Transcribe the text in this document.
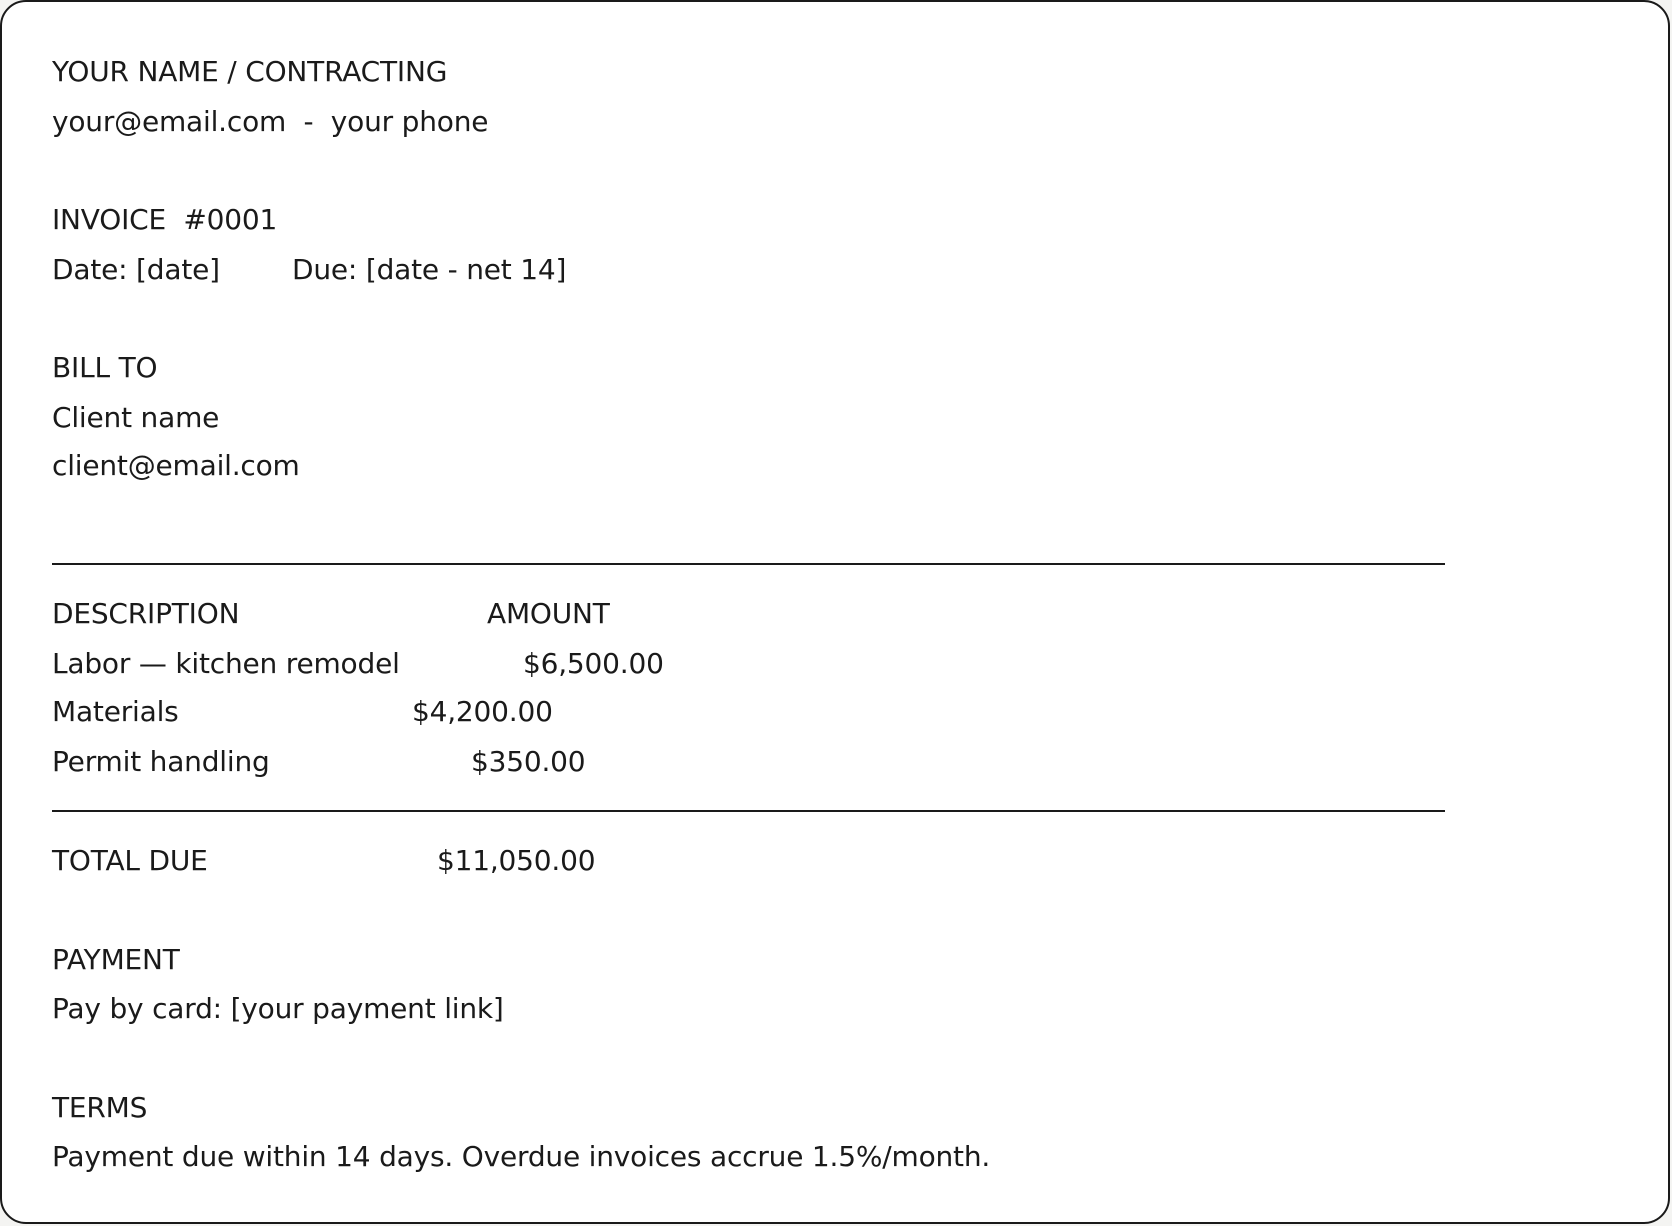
YOUR NAME / CONTRACTING
your@email.com  -  your phone
INVOICE  #0001
Date: [date]	Due: [date - net 14]
BILL TO
Client name
client@email.com
DESCRIPTION	AMOUNT
Labor — kitchen remodel	$6,500.00
Materials	$4,200.00
Permit handling	$350.00
TOTAL DUE	$11,050.00
PAYMENT
Pay by card: [your payment link]
TERMS
Payment due within 14 days. Overdue invoices accrue 1.5%/month.
